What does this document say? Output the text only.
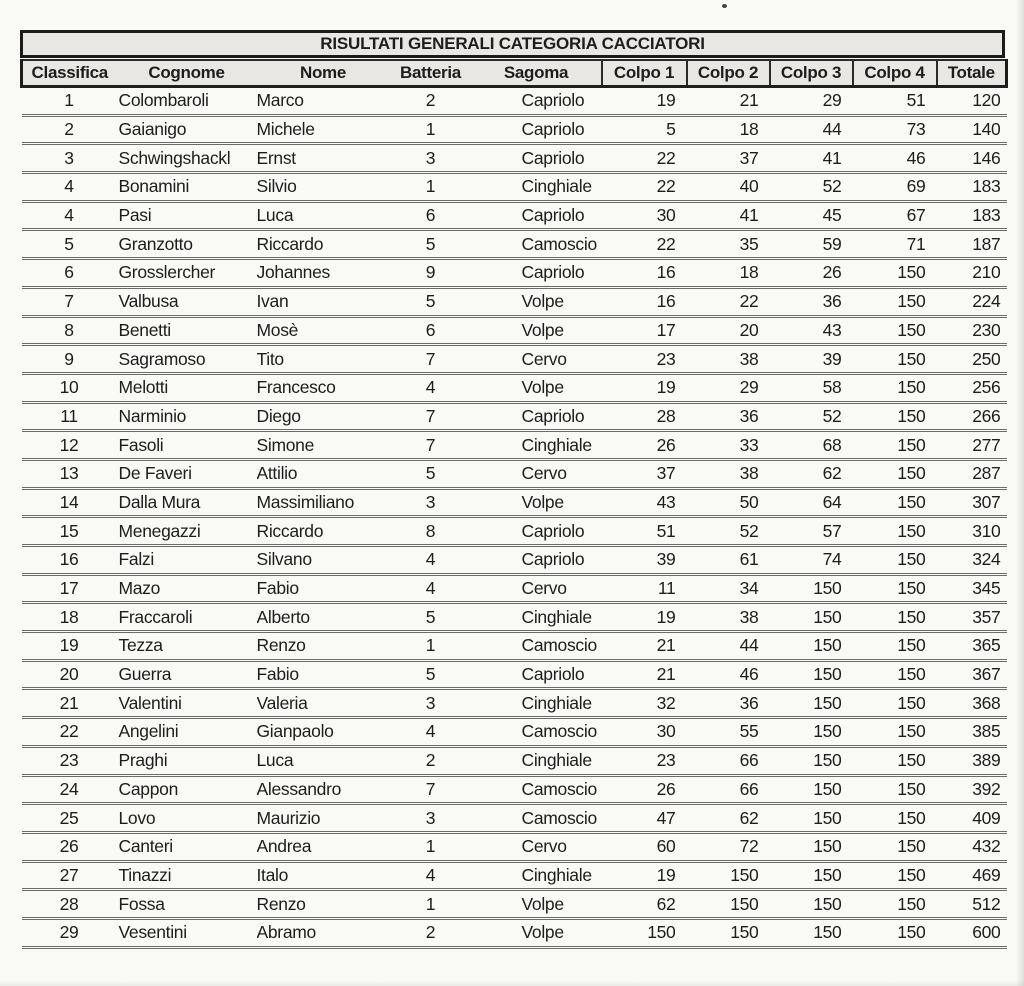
RISULTATI GENERALI CATEGORIA CACCIATORI
Classifica	Cognome	Nome	Batteria	Sagoma	Colpo 1	Colpo 2	Colpo 3	Colpo 4	Totale
1	Colombaroli	Marco	2	Capriolo	19	21	29	51	120
2	Gaianigo	Michele	1	Capriolo	5	18	44	73	140
3	Schwingshackl	Ernst	3	Capriolo	22	37	41	46	146
4	Bonamini	Silvio	1	Cinghiale	22	40	52	69	183
4	Pasi	Luca	6	Capriolo	30	41	45	67	183
5	Granzotto	Riccardo	5	Camoscio	22	35	59	71	187
6	Grosslercher	Johannes	9	Capriolo	16	18	26	150	210
7	Valbusa	Ivan	5	Volpe	16	22	36	150	224
8	Benetti	Mosè	6	Volpe	17	20	43	150	230
9	Sagramoso	Tito	7	Cervo	23	38	39	150	250
10	Melotti	Francesco	4	Volpe	19	29	58	150	256
11	Narminio	Diego	7	Capriolo	28	36	52	150	266
12	Fasoli	Simone	7	Cinghiale	26	33	68	150	277
13	De Faveri	Attilio	5	Cervo	37	38	62	150	287
14	Dalla Mura	Massimiliano	3	Volpe	43	50	64	150	307
15	Menegazzi	Riccardo	8	Capriolo	51	52	57	150	310
16	Falzi	Silvano	4	Capriolo	39	61	74	150	324
17	Mazo	Fabio	4	Cervo	11	34	150	150	345
18	Fraccaroli	Alberto	5	Cinghiale	19	38	150	150	357
19	Tezza	Renzo	1	Camoscio	21	44	150	150	365
20	Guerra	Fabio	5	Capriolo	21	46	150	150	367
21	Valentini	Valeria	3	Cinghiale	32	36	150	150	368
22	Angelini	Gianpaolo	4	Camoscio	30	55	150	150	385
23	Praghi	Luca	2	Cinghiale	23	66	150	150	389
24	Cappon	Alessandro	7	Camoscio	26	66	150	150	392
25	Lovo	Maurizio	3	Camoscio	47	62	150	150	409
26	Canteri	Andrea	1	Cervo	60	72	150	150	432
27	Tinazzi	Italo	4	Cinghiale	19	150	150	150	469
28	Fossa	Renzo	1	Volpe	62	150	150	150	512
29	Vesentini	Abramo	2	Volpe	150	150	150	150	600
